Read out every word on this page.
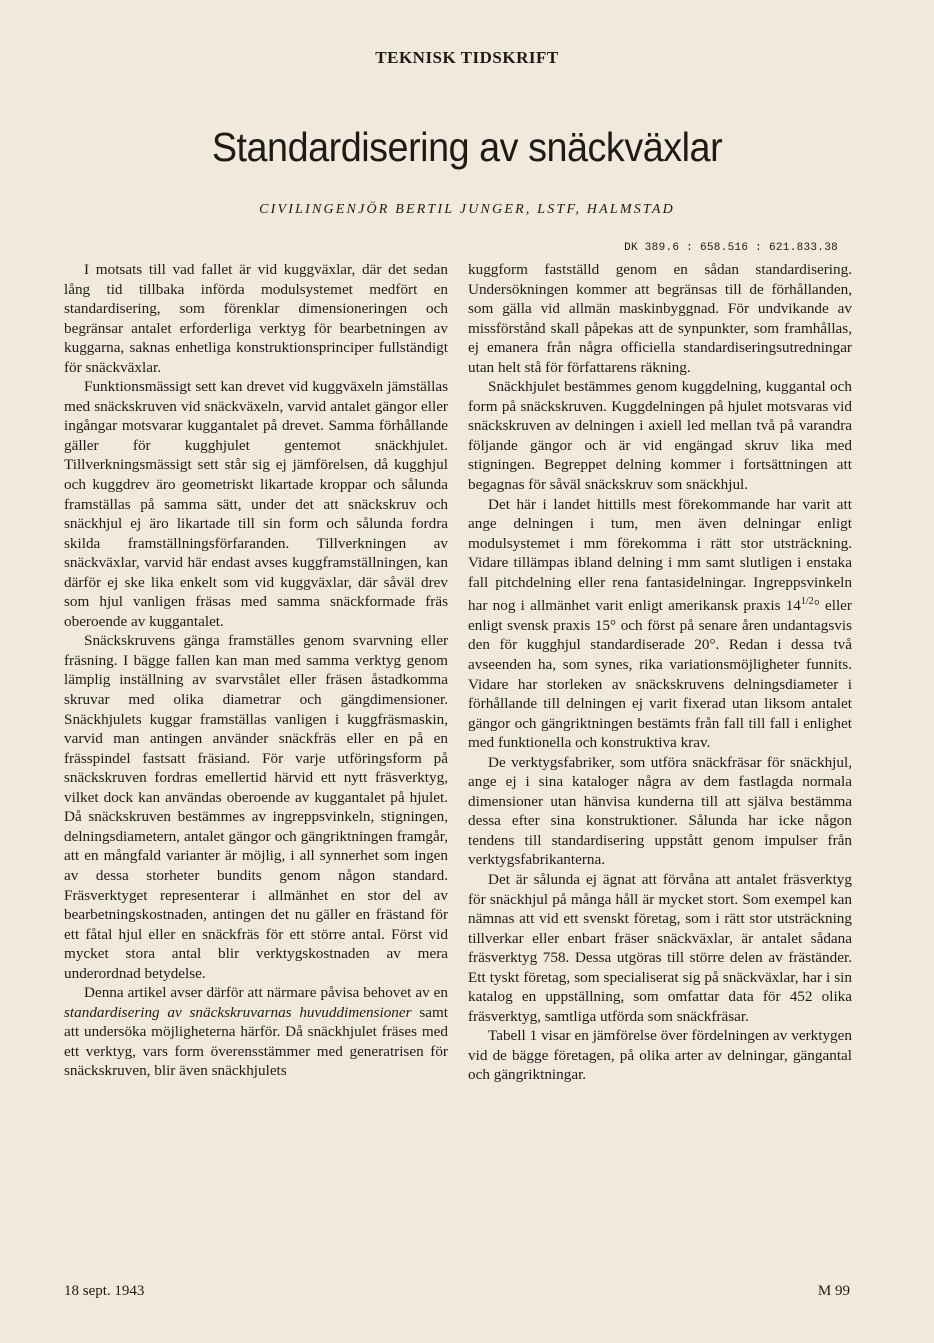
TEKNISK TIDSKRIFT
Standardisering av snäckväxlar
CIVILINGENJÖR BERTIL JUNGER, LSTF, HALMSTAD
DK 389.6 : 658.516 : 621.833.38

I motsats till vad fallet är vid kuggväxlar, där det sedan lång tid tillbaka införda modulsystemet medfört en standardisering, som förenklar dimensioneringen och begränsar antalet erforderliga verktyg för bearbetningen av kuggarna, saknas enhetliga konstruktionsprinciper fullständigt för snäckväxlar.

Funktionsmässigt sett kan drevet vid kuggväxeln jämställas med snäckskruven vid snäckväxeln, varvid antalet gängor eller ingångar motsvarar kuggantalet på drevet. Samma förhållande gäller för kugghjulet gentemot snäckhjulet. Tillverkningsmässigt sett står sig ej jämförelsen, då kugghjul och kuggdrev äro geometriskt likartade kroppar och sålunda framställas på samma sätt, under det att snäckskruv och snäckhjul ej äro likartade till sin form och sålunda fordra skilda framställningsförfaranden. Tillverkningen av snäckväxlar, varvid här endast avses kuggframställningen, kan därför ej ske lika enkelt som vid kuggväxlar, där såväl drev som hjul vanligen fräsas med samma snäckformade fräs oberoende av kuggantalet.

Snäckskruvens gänga framställes genom svarvning eller fräsning. I bägge fallen kan man med samma verktyg genom lämplig inställning av svarvstålet eller fräsen åstadkomma skruvar med olika diametrar och gängdimensioner. Snäckhjulets kuggar framställas vanligen i kuggfräsmaskin, varvid man antingen använder snäckfräs eller en på en frässpindel fastsatt fräsiand. För varje utföringsform på snäckskruven fordras emellertid härvid ett nytt fräsverktyg, vilket dock kan användas oberoende av kuggantalet på hjulet. Då snäckskruven bestämmes av ingreppsvinkeln, stigningen, delningsdiametern, antalet gängor och gängriktningen framgår, att en mångfald varianter är möjlig, i all synnerhet som ingen av dessa storheter bundits genom någon standard. Fräsverktyget representerar i allmänhet en stor del av bearbetningskostnaden, antingen det nu gäller en frästand för ett fåtal hjul eller en snäckfräs för ett större antal. Först vid mycket stora antal blir verktygskostnaden av mera underordnad betydelse.

Denna artikel avser därför att närmare påvisa behovet av en standardisering av snäckskruvarnas huvuddimensioner samt att undersöka möjligheterna härför. Då snäckhjulet fräses med ett verktyg, vars form överensstämmer med generatrisen för snäckskruven, blir även snäckhjulets

kuggform fastställd genom en sådan standardisering. Undersökningen kommer att begränsas till de förhållanden, som gälla vid allmän maskinbyggnad. För undvikande av missförstånd skall påpekas att de synpunkter, som framhållas, ej emanera från några officiella standardiseringsutredningar utan helt stå för författarens räkning.

Snäckhjulet bestämmes genom kuggdelning, kuggantal och form på snäckskruven. Kuggdelningen på hjulet motsvaras vid snäckskruven av delningen i axiell led mellan två på varandra följande gängor och är vid engängad skruv lika med stigningen. Begreppet delning kommer i fortsättningen att begagnas för såväl snäckskruv som snäckhjul.

Det här i landet hittills mest förekommande har varit att ange delningen i tum, men även delningar enligt modulsystemet i mm förekomma i rätt stor utsträckning. Vidare tillämpas ibland delning i mm samt slutligen i enstaka fall pitchdelning eller rena fantasidelningar. Ingreppsvinkeln har nog i allmänhet varit enligt amerikansk praxis $14^{1/2}^\circ$ eller enligt svensk praxis 15° och först på senare åren undantagsvis den för kugghjul standardiserade 20°. Redan i dessa två avseenden ha, som synes, rika variationsmöjligheter funnits. Vidare har storleken av snäckskruvens delningsdiameter i förhållande till delningen ej varit fixerad utan liksom antalet gängor och gängriktningen bestämts från fall till fall i enlighet med funktionella och konstruktiva krav.

De verktygsfabriker, som utföra snäckfräsar för snäckhjul, ange ej i sina kataloger några av dem fastlagda normala dimensioner utan hänvisa kunderna till att själva bestämma dessa efter sina konstruktioner. Sålunda har icke någon tendens till standardisering uppstått genom impulser från verktygsfabrikanterna.

Det är sålunda ej ägnat att förvåna att antalet fräsverktyg för snäckhjul på många håll är mycket stort. Som exempel kan nämnas att vid ett svenskt företag, som i rätt stor utsträckning tillverkar eller enbart fräser snäckväxlar, är antalet sådana fräsverktyg 758. Dessa utgöras till större delen av fräständer. Ett tyskt företag, som specialiserat sig på snäckväxlar, har i sin katalog en uppställning, som omfattar data för 452 olika fräsverktyg, samtliga utförda som snäckfräsar.

Tabell 1 visar en jämförelse över fördelningen av verktygen vid de bägge företagen, på olika arter av delningar, gängantal och gängriktningar.

18 sept. 1943	M 99
